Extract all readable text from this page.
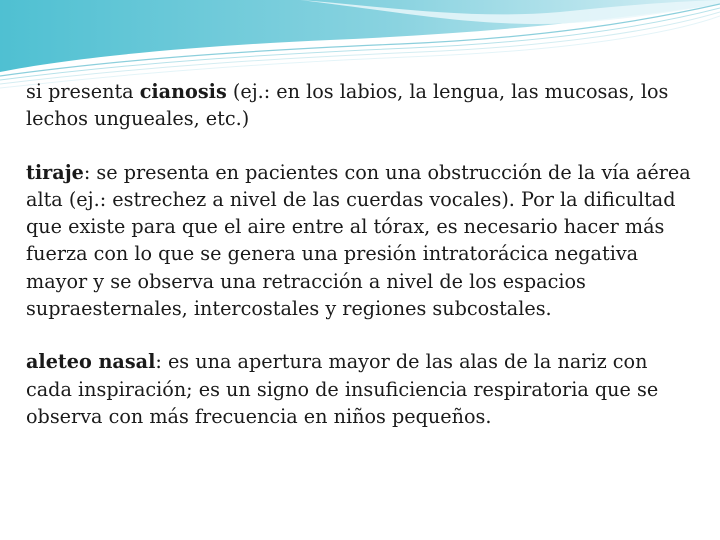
si presenta cianosis (ej.: en los labios, la lengua, las mucosas, los lechos ungueales, etc.)

tiraje: se presenta en pacientes con una obstrucción de la vía aérea alta (ej.: estrechez a nivel de las cuerdas vocales). Por la dificultad que existe para que el aire entre al tórax, es necesario hacer más fuerza con lo que se genera una presión intratorácica negativa mayor y se observa una retracción a nivel de los espacios supraesternales, intercostales y regiones subcostales.

aleteo nasal: es una apertura mayor de las alas de la nariz con cada inspiración; es un signo de insuficiencia respiratoria que se observa con más frecuencia en niños pequeños.
